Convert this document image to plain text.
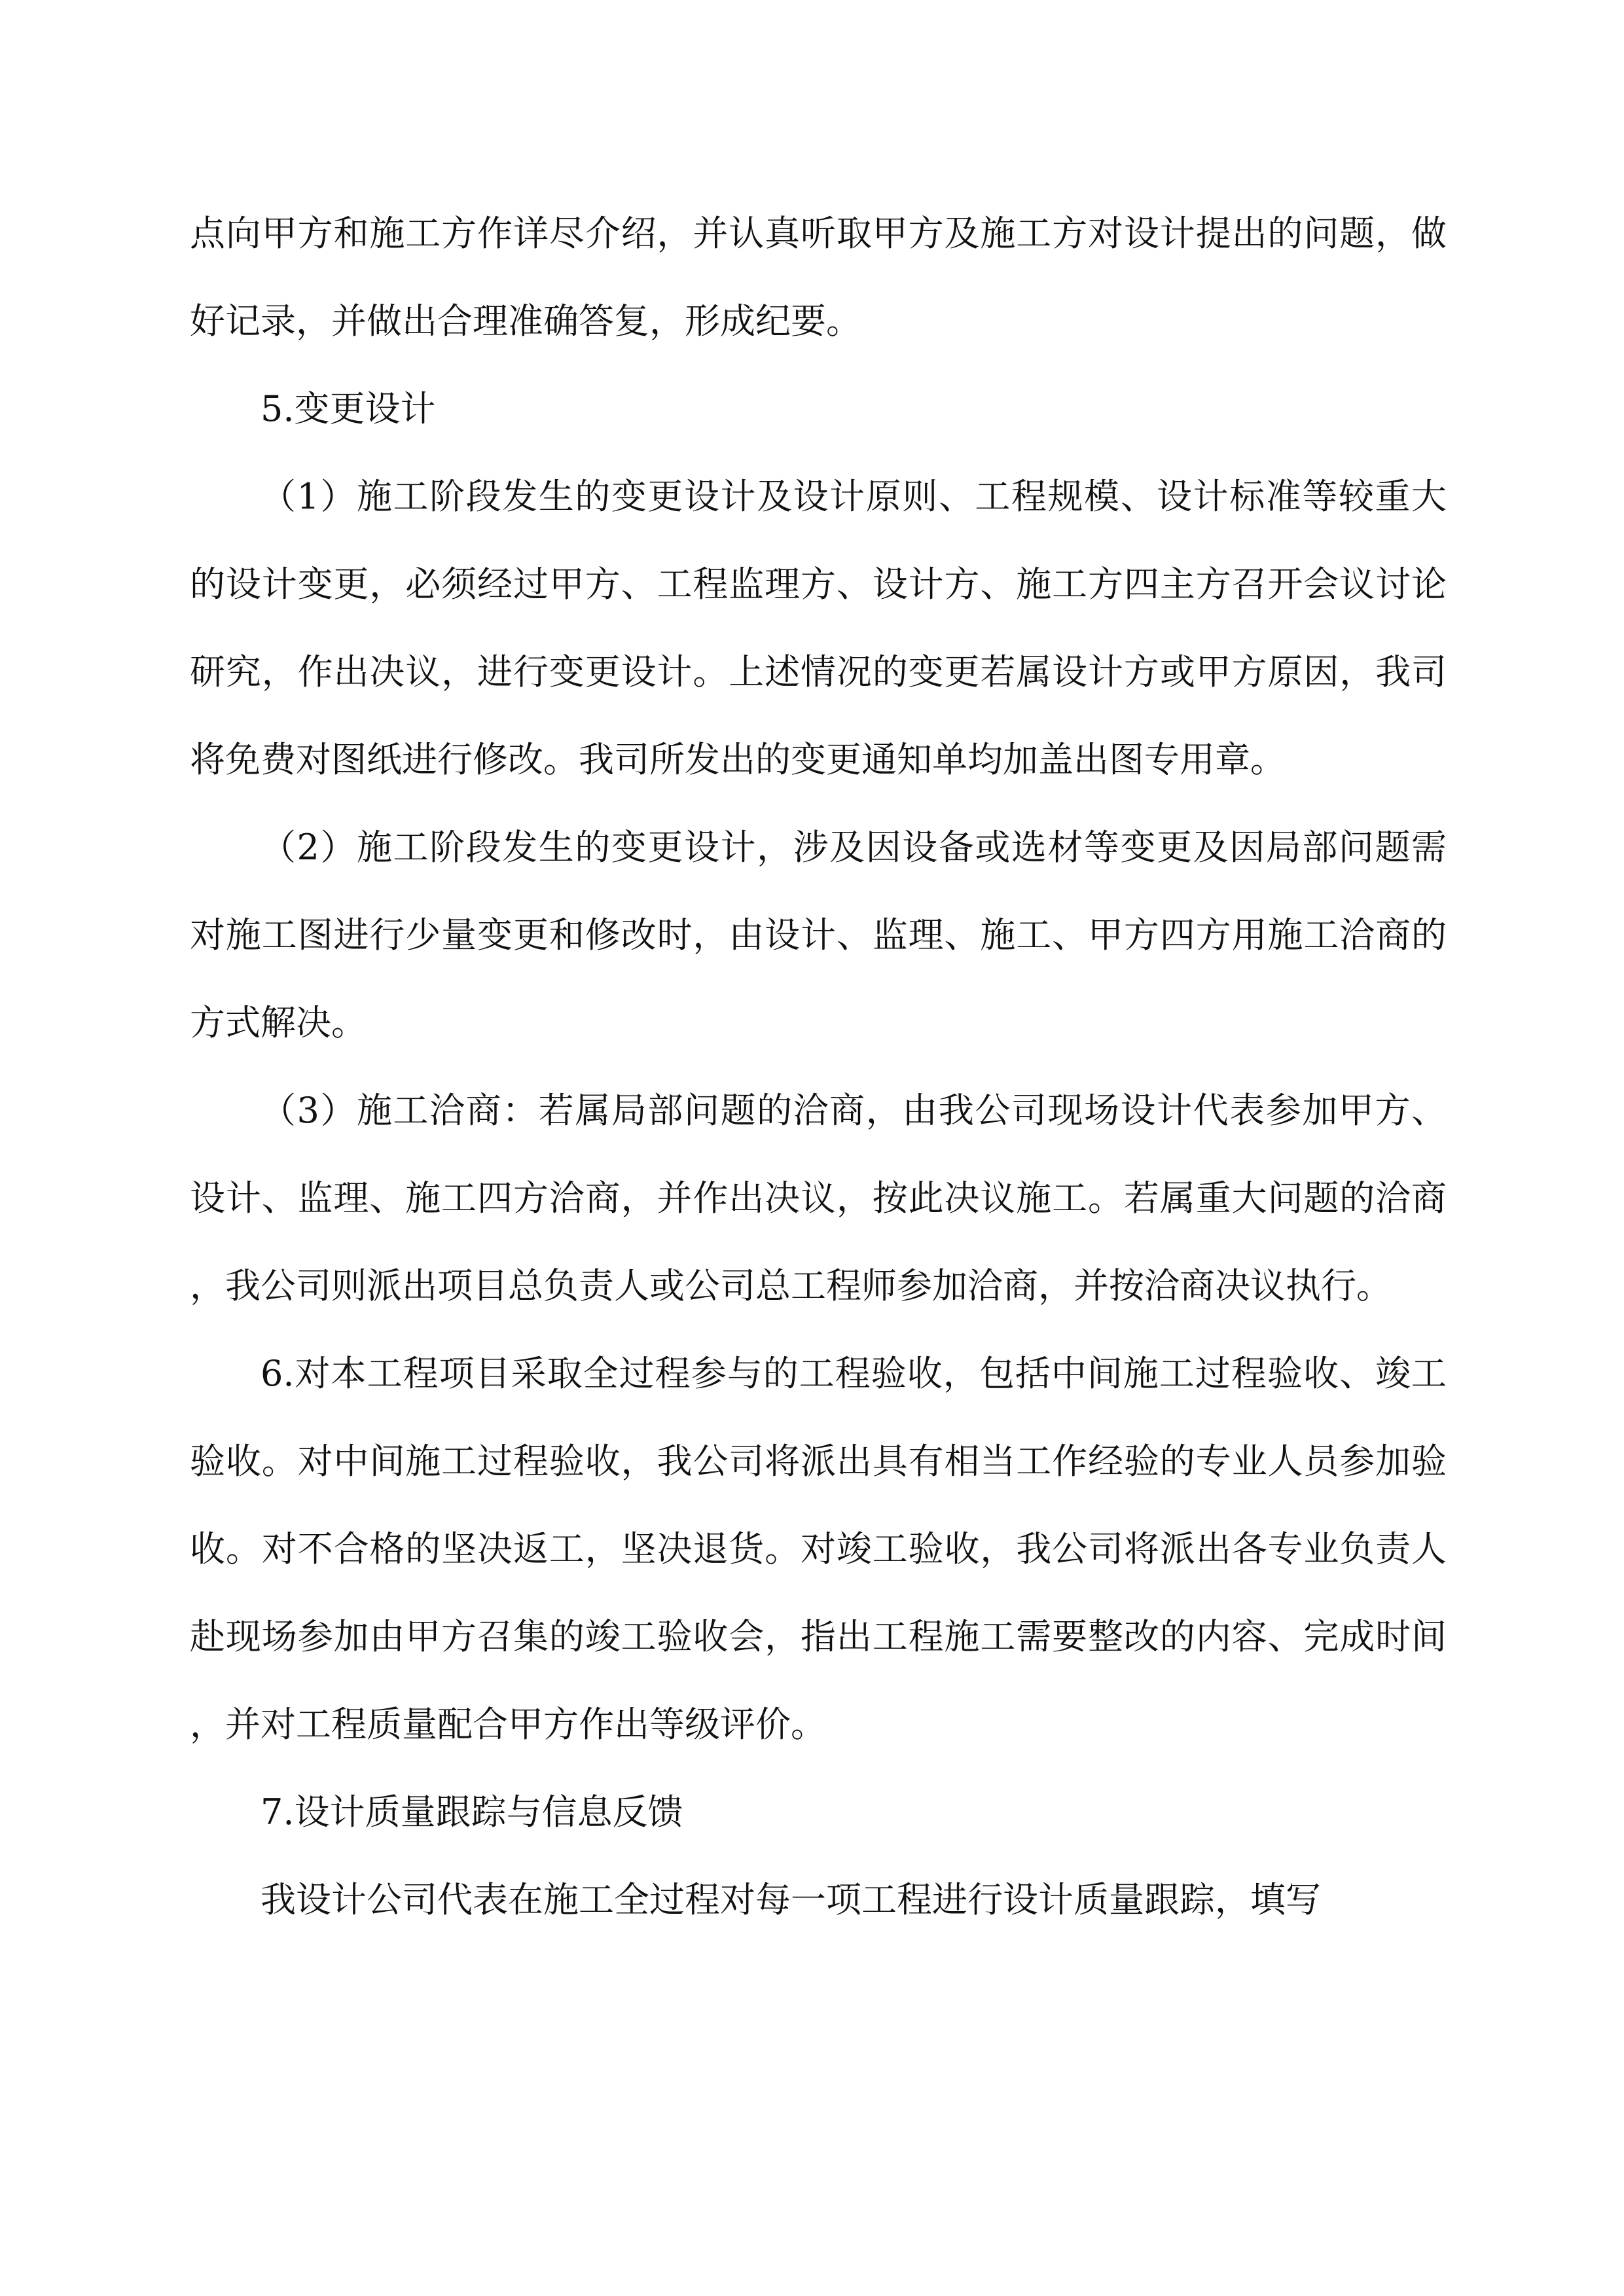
点向甲方和施工方作详尽介绍，并认真听取甲方及施工方对设计提出的问题，做好记录，并做出合理准确答复，形成纪要。

5.变更设计

（1）施工阶段发生的变更设计及设计原则、工程规模、设计标准等较重大的设计变更，必须经过甲方、工程监理方、设计方、施工方四主方召开会议讨论研究，作出决议，进行变更设计。上述情况的变更若属设计方或甲方原因，我司将免费对图纸进行修改。我司所发出的变更通知单均加盖出图专用章。

（2）施工阶段发生的变更设计，涉及因设备或选材等变更及因局部问题需对施工图进行少量变更和修改时，由设计、监理、施工、甲方四方用施工洽商的方式解决。

（3）施工洽商：若属局部问题的洽商，由我公司现场设计代表参加甲方、设计、监理、施工四方洽商，并作出决议，按此决议施工。若属重大问题的洽商，我公司则派出项目总负责人或公司总工程师参加洽商，并按洽商决议执行。

6.对本工程项目采取全过程参与的工程验收，包括中间施工过程验收、竣工验收。对中间施工过程验收，我公司将派出具有相当工作经验的专业人员参加验收。对不合格的坚决返工，坚决退货。对竣工验收，我公司将派出各专业负责人赴现场参加由甲方召集的竣工验收会，指出工程施工需要整改的内容、完成时间，并对工程质量配合甲方作出等级评价。

7.设计质量跟踪与信息反馈

我设计公司代表在施工全过程对每一项工程进行设计质量跟踪，填写
